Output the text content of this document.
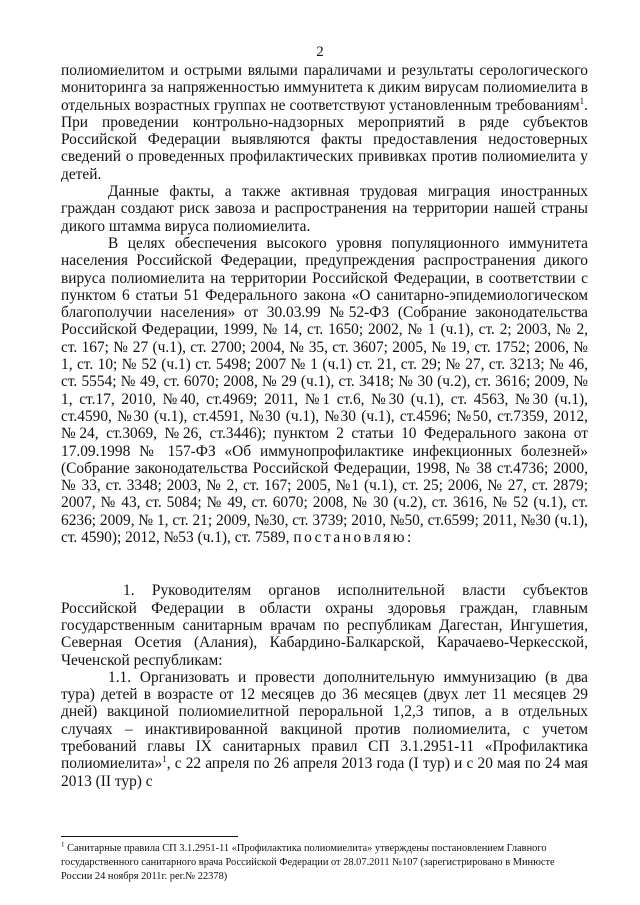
2

полиомиелитом и острыми вялыми параличами и результаты серологического мониторинга за напряженностью иммунитета к диким вирусам полиомиелита в отдельных возрастных группах не соответствуют установленным требованиям$^1$. При проведении контрольно-надзорных мероприятий в ряде субъектов Российской Федерации выявляются факты предоставления недостоверных сведений о проведенных профилактических прививках против полиомиелита у детей.

Данные факты, а также активная трудовая миграция иностранных граждан создают риск завоза и распространения на территории нашей страны дикого штамма вируса полиомиелита.

В целях обеспечения высокого уровня популяционного иммунитета населения Российской Федерации, предупреждения распространения дикого вируса полиомиелита на территории Российской Федерации, в соответствии с пунктом 6 статьи 51 Федерального закона «О санитарно-эпидемиологическом благополучии населения» от 30.03.99 №52-ФЗ (Собрание законодательства Российской Федерации, 1999, № 14, ст. 1650; 2002, № 1 (ч.1), ст. 2; 2003, № 2, ст. 167; № 27 (ч.1), ст. 2700; 2004, № 35, ст. 3607; 2005, № 19, ст. 1752; 2006, № 1, ст. 10; № 52 (ч.1) ст. 5498; 2007 № 1 (ч.1) ст. 21, ст. 29; № 27, ст. 3213; № 46, ст. 5554; № 49, ст. 6070; 2008, № 29 (ч.1), ст. 3418; № 30 (ч.2), ст. 3616; 2009, № 1, ст.17, 2010, №40, ст.4969; 2011, №1 ст.6, №30 (ч.1), ст. 4563, №30 (ч.1), ст.4590, №30 (ч.1), ст.4591, №30 (ч.1), №30 (ч.1), ст.4596; №50, ст.7359, 2012, №24, ст.3069, №26, ст.3446); пунктом 2 статьи 10 Федерального закона от 17.09.1998 № 157-ФЗ «Об иммунопрофилактике инфекционных болезней» (Собрание законодательства Российской Федерации, 1998, № 38 ст.4736; 2000, № 33, ст. 3348; 2003, № 2, ст. 167; 2005, №1 (ч.1), ст. 25; 2006, № 27, ст. 2879; 2007, № 43, ст. 5084; № 49, ст. 6070; 2008, № 30 (ч.2), ст. 3616, № 52 (ч.1), ст. 6236; 2009, № 1, ст. 21; 2009, №30, ст. 3739; 2010, №50, ст.6599; 2011, №30 (ч.1), ст. 4590); 2012, №53 (ч.1), ст. 7589, постановляю:

1. Руководителям органов исполнительной власти субъектов Российской Федерации в области охраны здоровья граждан, главным государственным санитарным врачам по республикам Дагестан, Ингушетия, Северная Осетия (Алания), Кабардино-Балкарской, Карачаево-Черкесской, Чеченской республикам:

1.1. Организовать и провести дополнительную иммунизацию (в два тура) детей в возрасте от 12 месяцев до 36 месяцев (двух лет 11 месяцев 29 дней) вакциной полиомиелитной пероральной 1,2,3 типов, а в отдельных случаях – инактивированной вакциной против полиомиелита, с учетом требований главы IX санитарных правил СП 3.1.2951-11 «Профилактика полиомиелита»$^1$, с 22 апреля по 26 апреля 2013 года (I тур) и с 20 мая по 24 мая 2013 (II тур) с

$^1$ Санитарные правила СП 3.1.2951-11 «Профилактика полиомиелита» утверждены постановлением Главного государственного санитарного врача Российской Федерации от 28.07.2011 №107 (зарегистрировано в Минюсте России 24 ноября 2011г. рег.№ 22378)
